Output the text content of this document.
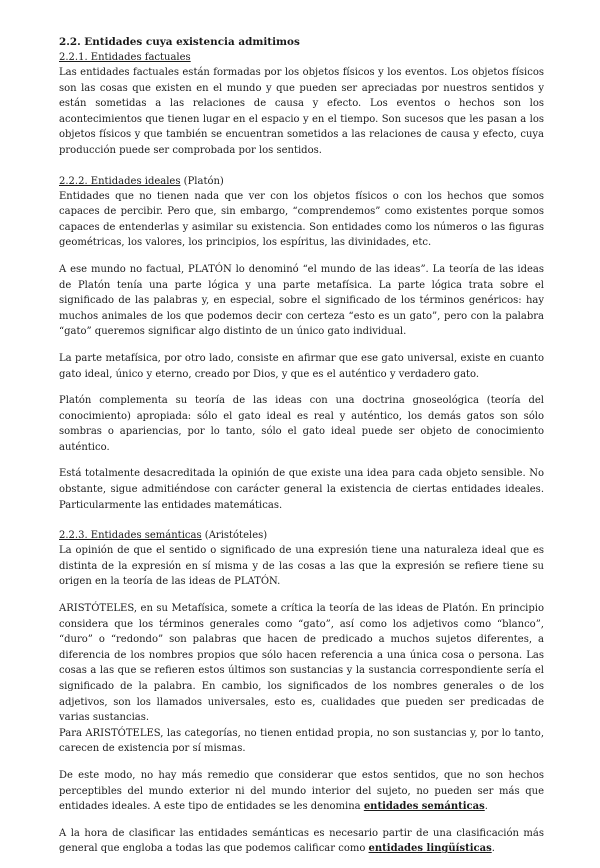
2.2. Entidades cuya existencia admitimos
2.2.1. Entidades factuales

Las entidades factuales están formadas por los objetos físicos y los eventos. Los objetos físicos son las cosas que existen en el mundo y que pueden ser apreciadas por nuestros sentidos y están sometidas a las relaciones de causa y efecto. Los eventos o hechos son los acontecimientos que tienen lugar en el espacio y en el tiempo. Son sucesos que les pasan a los objetos físicos y que también se encuentran sometidos a las relaciones de causa y efecto, cuya producción puede ser comprobada por los sentidos.

2.2.2. Entidades ideales (Platón)

Entidades que no tienen nada que ver con los objetos físicos o con los hechos que somos capaces de percibir. Pero que, sin embargo, “comprendemos” como existentes porque somos capaces de entenderlas y asimilar su existencia. Son entidades como los números o las figuras geométricas, los valores, los principios, los espíritus, las divinidades, etc.

A ese mundo no factual, PLATÓN lo denominó “el mundo de las ideas”. La teoría de las ideas de Platón tenía una parte lógica y una parte metafísica. La parte lógica trata sobre el significado de las palabras y, en especial, sobre el significado de los términos genéricos: hay muchos animales de los que podemos decir con certeza “esto es un gato”, pero con la palabra “gato” queremos significar algo distinto de un único gato individual.

La parte metafísica, por otro lado, consiste en afirmar que ese gato universal, existe en cuanto gato ideal, único y eterno, creado por Dios, y que es el auténtico y verdadero gato.

Platón complementa su teoría de las ideas con una doctrina gnoseológica (teoría del conocimiento) apropiada: sólo el gato ideal es real y auténtico, los demás gatos son sólo sombras o apariencias, por lo tanto, sólo el gato ideal puede ser objeto de conocimiento auténtico.

Está totalmente desacreditada la opinión de que existe una idea para cada objeto sensible. No obstante, sigue admitiéndose con carácter general la existencia de ciertas entidades ideales. Particularmente las entidades matemáticas.

2.2.3. Entidades semánticas (Aristóteles)

La opinión de que el sentido o significado de una expresión tiene una naturaleza ideal que es distinta de la expresión en sí misma y de las cosas a las que la expresión se refiere tiene su origen en la teoría de las ideas de PLATÓN.

ARISTÓTELES, en su Metafísica, somete a crítica la teoría de las ideas de Platón. En principio considera que los términos generales como “gato”, así como los adjetivos como “blanco”, “duro” o “redondo” son palabras que hacen de predicado a muchos sujetos diferentes, a diferencia de los nombres propios que sólo hacen referencia a una única cosa o persona. Las cosas a las que se refieren estos últimos son sustancias y la sustancia correspondiente sería el significado de la palabra. En cambio, los significados de los nombres generales o de los adjetivos, son los llamados universales, esto es, cualidades que pueden ser predicadas de varias sustancias.

Para ARISTÓTELES, las categorías, no tienen entidad propia, no son sustancias y, por lo tanto, carecen de existencia por sí mismas.

De este modo, no hay más remedio que considerar que estos sentidos, que no son hechos perceptibles del mundo exterior ni del mundo interior del sujeto, no pueden ser más que entidades ideales. A este tipo de entidades se les denomina entidades semánticas.

A la hora de clasificar las entidades semánticas es necesario partir de una clasificación más general que engloba a todas las que podemos calificar como entidades lingüísticas.
